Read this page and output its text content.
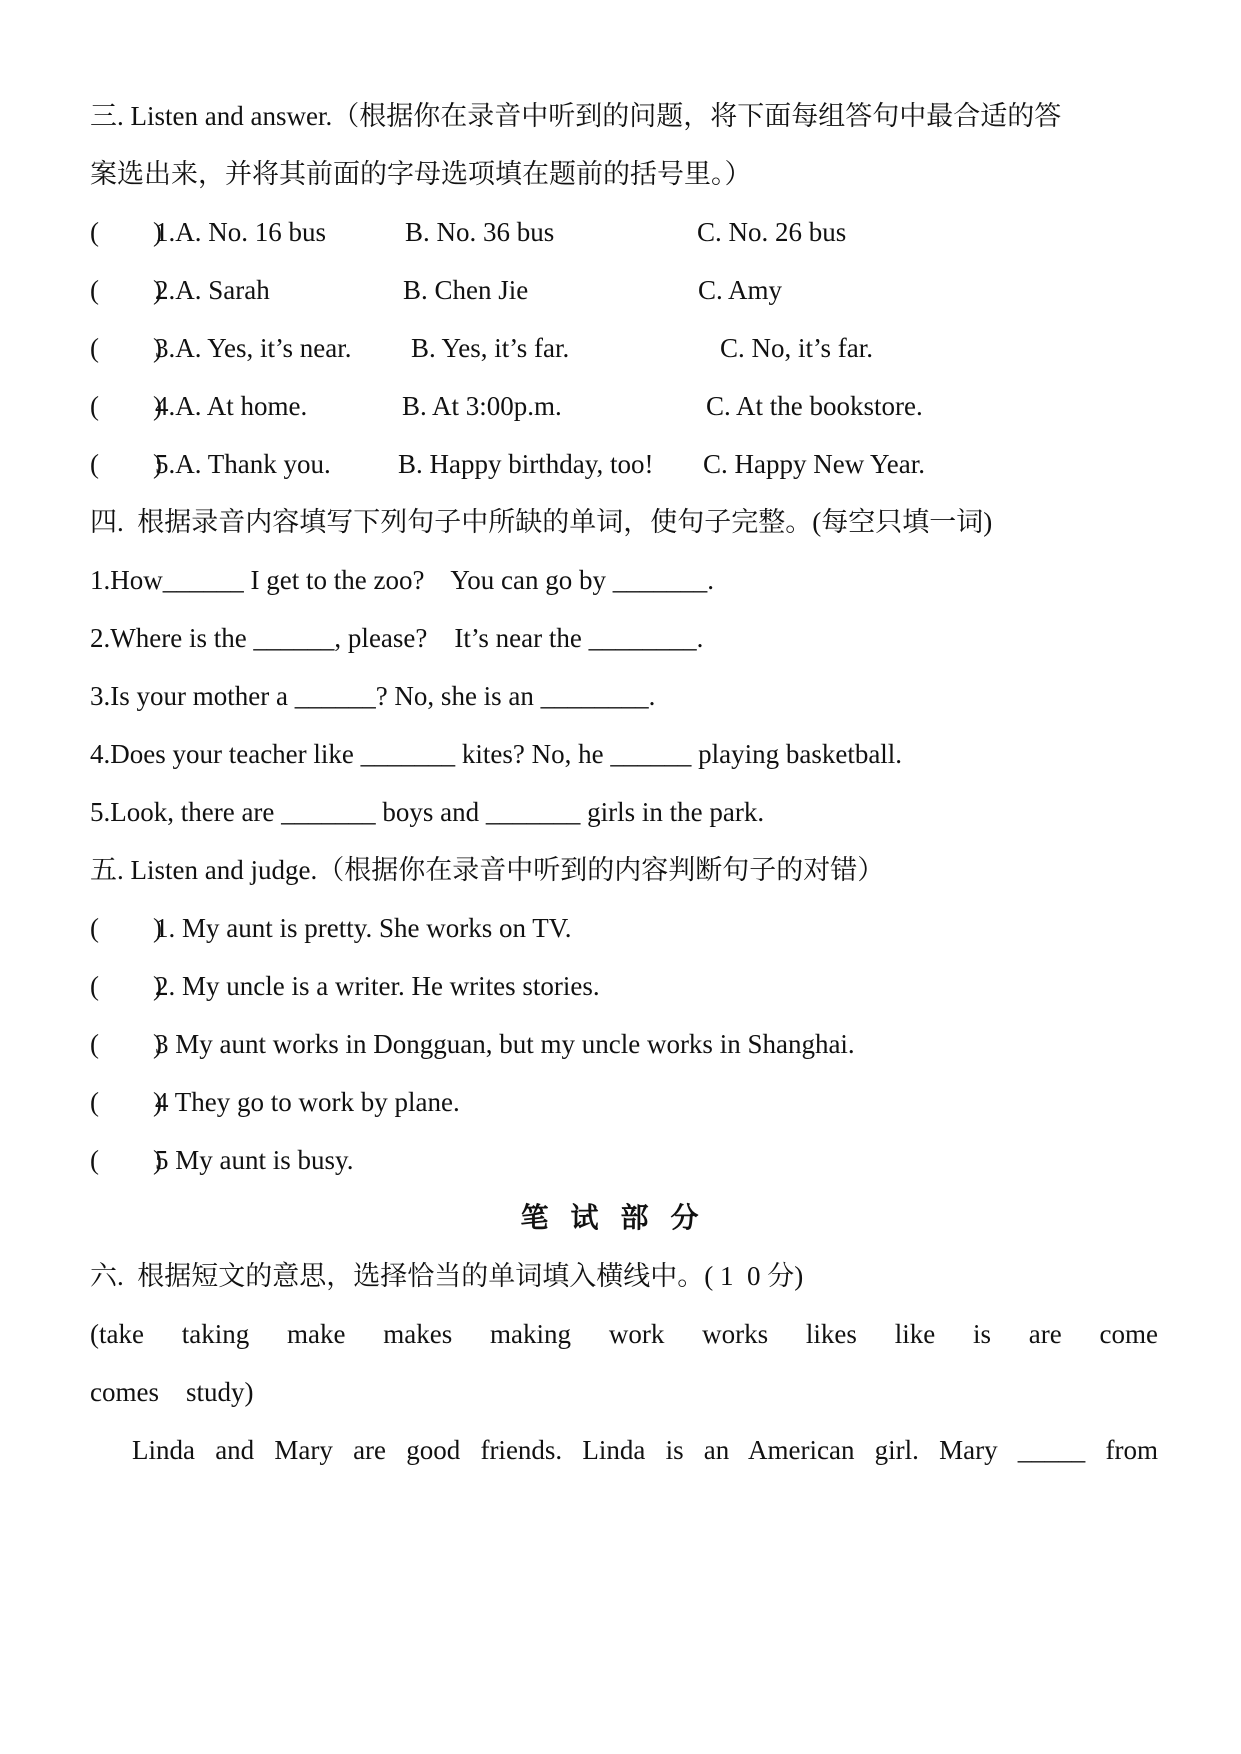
三. Listen and answer.（根据你在录音中听到的问题，将下面每组答句中最合适的答
案选出来，并将其前面的字母选项填在题前的括号里。）

(        )

1.A. No. 16 bus

	B. No. 36 bus

	C. No. 26 bus

(        )

2.A. Sarah

	B. Chen Jie

	C. Amy

(        )

3.A. Yes, it’s near.

B. Yes, it’s far.

	C. No, it’s far.

(        )

4.A. At home.

	B. At 3:00p.m.

	C. At the bookstore.

(        )

5.A. Thank you.

B. Happy birthday, too!

C. Happy New Year.

四.  根据录音内容填写下列句子中所缺的单词，使句子完整。(每空只填一词)
1.How______ I get to the zoo?    You can go by _______.
2.Where is the ______, please?    It’s near the ________.
3.Is your mother a ______? No, she is an ________.
4.Does your teacher like _______ kites? No, he ______ playing basketball.
5.Look, there are _______ boys and _______ girls in the park.
五. Listen and judge.（根据你在录音中听到的内容判断句子的对错）

(        )

1. My aunt is pretty. She works on TV.

(        )

2. My uncle is a writer. He writes stories.

(        )

3 My aunt works in Dongguan, but my uncle works in Shanghai.

(        )

4 They go to work by plane.

(        )

5 My aunt is busy.

笔试部分
六.  根据短文的意思，选择恰当的单词填入横线中。( 1  0 分)
(take taking make makes making work works likes like is are come
comes    study)
Linda and Mary are good friends. Linda is an American girl. Mary _____ from
